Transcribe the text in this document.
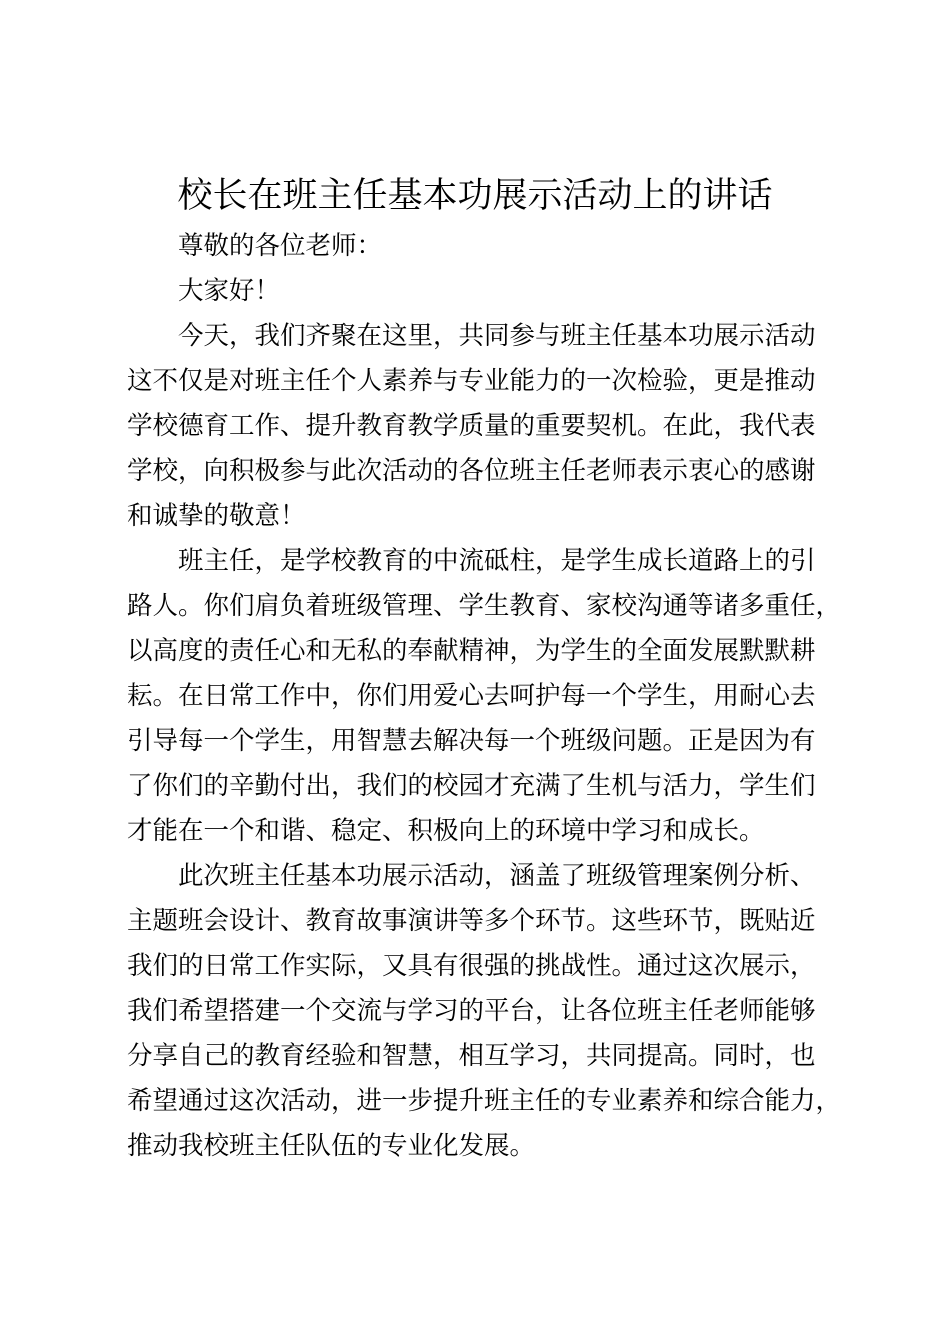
校长在班主任基本功展示活动上的讲话
尊敬的各位老师：
大家好！
今天，我们齐聚在这里，共同参与班主任基本功展示活动
这不仅是对班主任个人素养与专业能力的一次检验，更是推动
学校德育工作、提升教育教学质量的重要契机。在此，我代表
学校，向积极参与此次活动的各位班主任老师表示衷心的感谢
和诚挚的敬意！
班主任，是学校教育的中流砥柱，是学生成长道路上的引
路人。你们肩负着班级管理、学生教育、家校沟通等诸多重任，
以高度的责任心和无私的奉献精神，为学生的全面发展默默耕
耘。在日常工作中，你们用爱心去呵护每一个学生，用耐心去
引导每一个学生，用智慧去解决每一个班级问题。正是因为有
了你们的辛勤付出，我们的校园才充满了生机与活力，学生们
才能在一个和谐、稳定、积极向上的环境中学习和成长。
此次班主任基本功展示活动，涵盖了班级管理案例分析、
主题班会设计、教育故事演讲等多个环节。这些环节，既贴近
我们的日常工作实际，又具有很强的挑战性。通过这次展示，
我们希望搭建一个交流与学习的平台，让各位班主任老师能够
分享自己的教育经验和智慧，相互学习，共同提高。同时，也
希望通过这次活动，进一步提升班主任的专业素养和综合能力，
推动我校班主任队伍的专业化发展。
